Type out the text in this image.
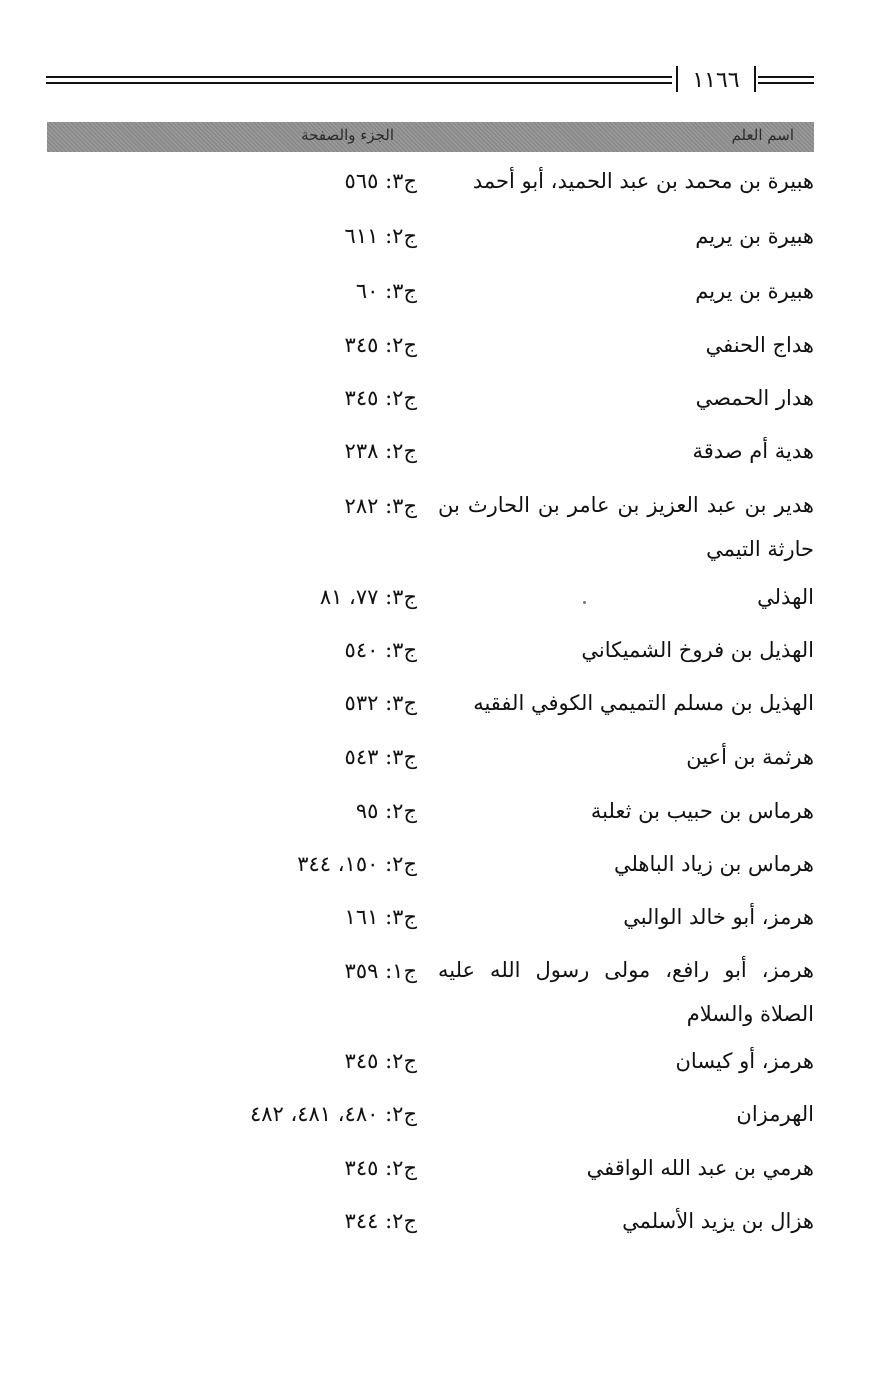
١١٦٦
اسم العلم
الجزء والصفحة
هبيرة بن محمد بن عبد الحميد، أبو أحمد
ج٣: ٥٦٥
هبيرة بن يريم
ج٢: ٦١١
هبيرة بن يريم
ج٣: ٦٠
هداج الحنفي
ج٢: ٣٤٥
هدار الحمصي
ج٢: ٣٤٥
هدية أم صدقة
ج٢: ٢٣٨
هدير بن عبد العزيز بن عامر بن الحارث بن حارثة التيمي
ج٣: ٢٨٢
الهذلي
ج٣: ٧٧، ٨١
الهذيل بن فروخ الشميكاني
ج٣: ٥٤٠
الهذيل بن مسلم التميمي الكوفي الفقيه
ج٣: ٥٣٢
هرثمة بن أعين
ج٣: ٥٤٣
هرماس بن حبيب بن ثعلبة
ج٢: ٩٥
هرماس بن زياد الباهلي
ج٢: ١٥٠، ٣٤٤
هرمز، أبو خالد الوالبي
ج٣: ١٦١
هرمز، أبو رافع، مولى رسول الله عليه الصلاة والسلام
ج١: ٣٥٩
هرمز، أو كيسان
ج٢: ٣٤٥
الهرمزان
ج٢: ٤٨٠، ٤٨١، ٤٨٢
هرمي بن عبد الله الواقفي
ج٢: ٣٤٥
هزال بن يزيد الأسلمي
ج٢: ٣٤٤
